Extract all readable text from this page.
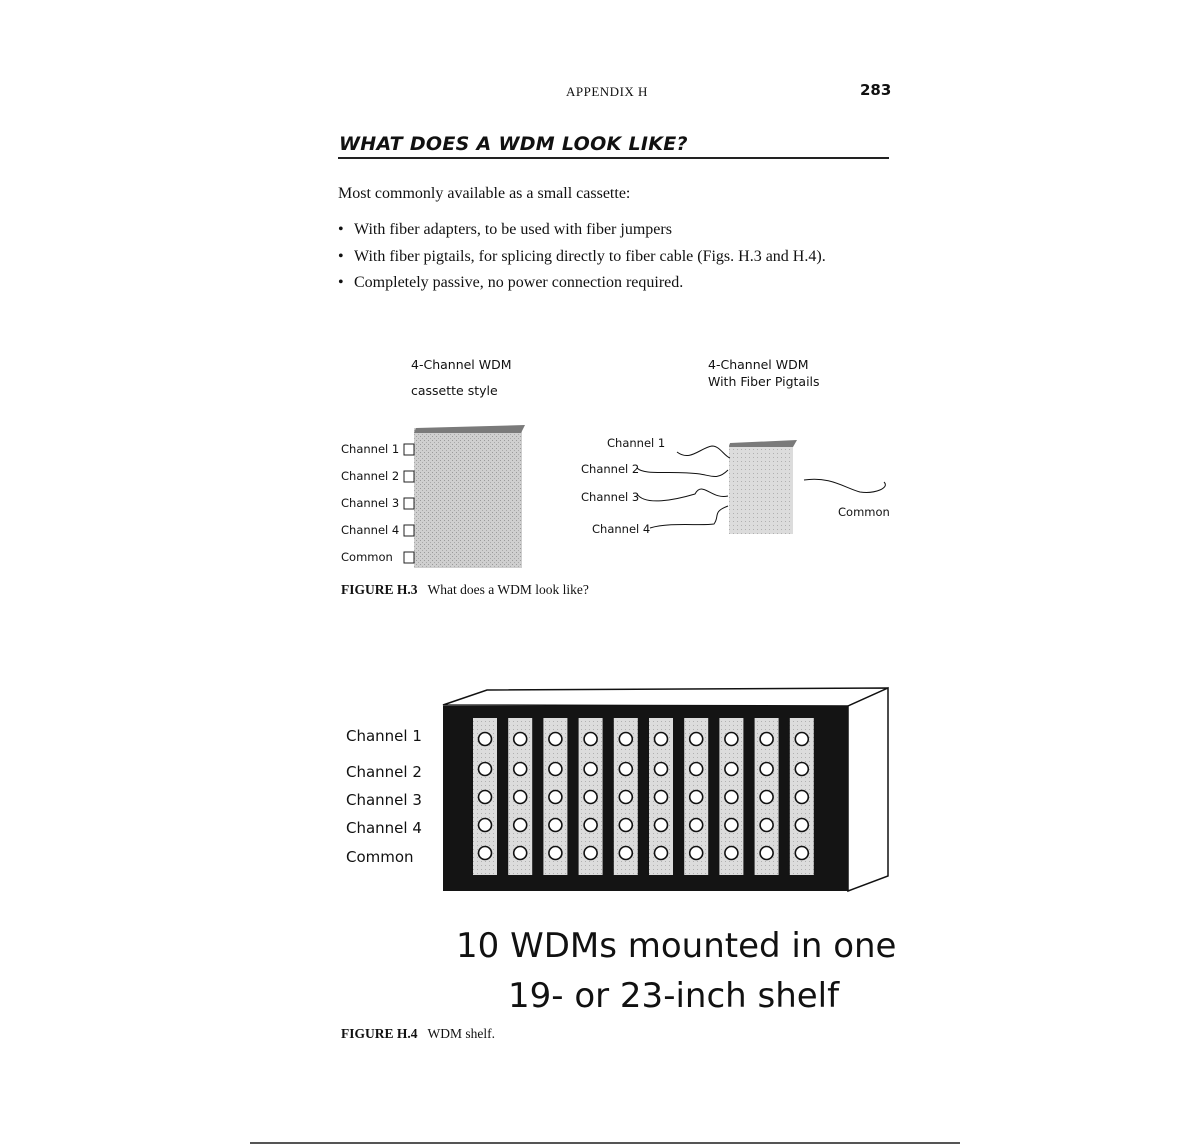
APPENDIX H	283
WHAT DOES A WDM LOOK LIKE?
Most commonly available as a small cassette:
• With fiber adapters, to be used with fiber jumpers
• With fiber pigtails, for splicing directly to fiber cable (Figs. H.3 and H.4).
• Completely passive, no power connection required.
4-Channel WDM
cassette style
Channel 1
Channel 2
Channel 3
Channel 4
Common
4-Channel WDM
With Fiber Pigtails
Channel 1
Channel 2
Channel 3
Channel 4
Common
FIGURE H.3 What does a WDM look like?
Channel 1
Channel 2
Channel 3
Channel 4
Common
10 WDMs mounted in one
19- or 23-inch shelf
FIGURE H.4 WDM shelf.
